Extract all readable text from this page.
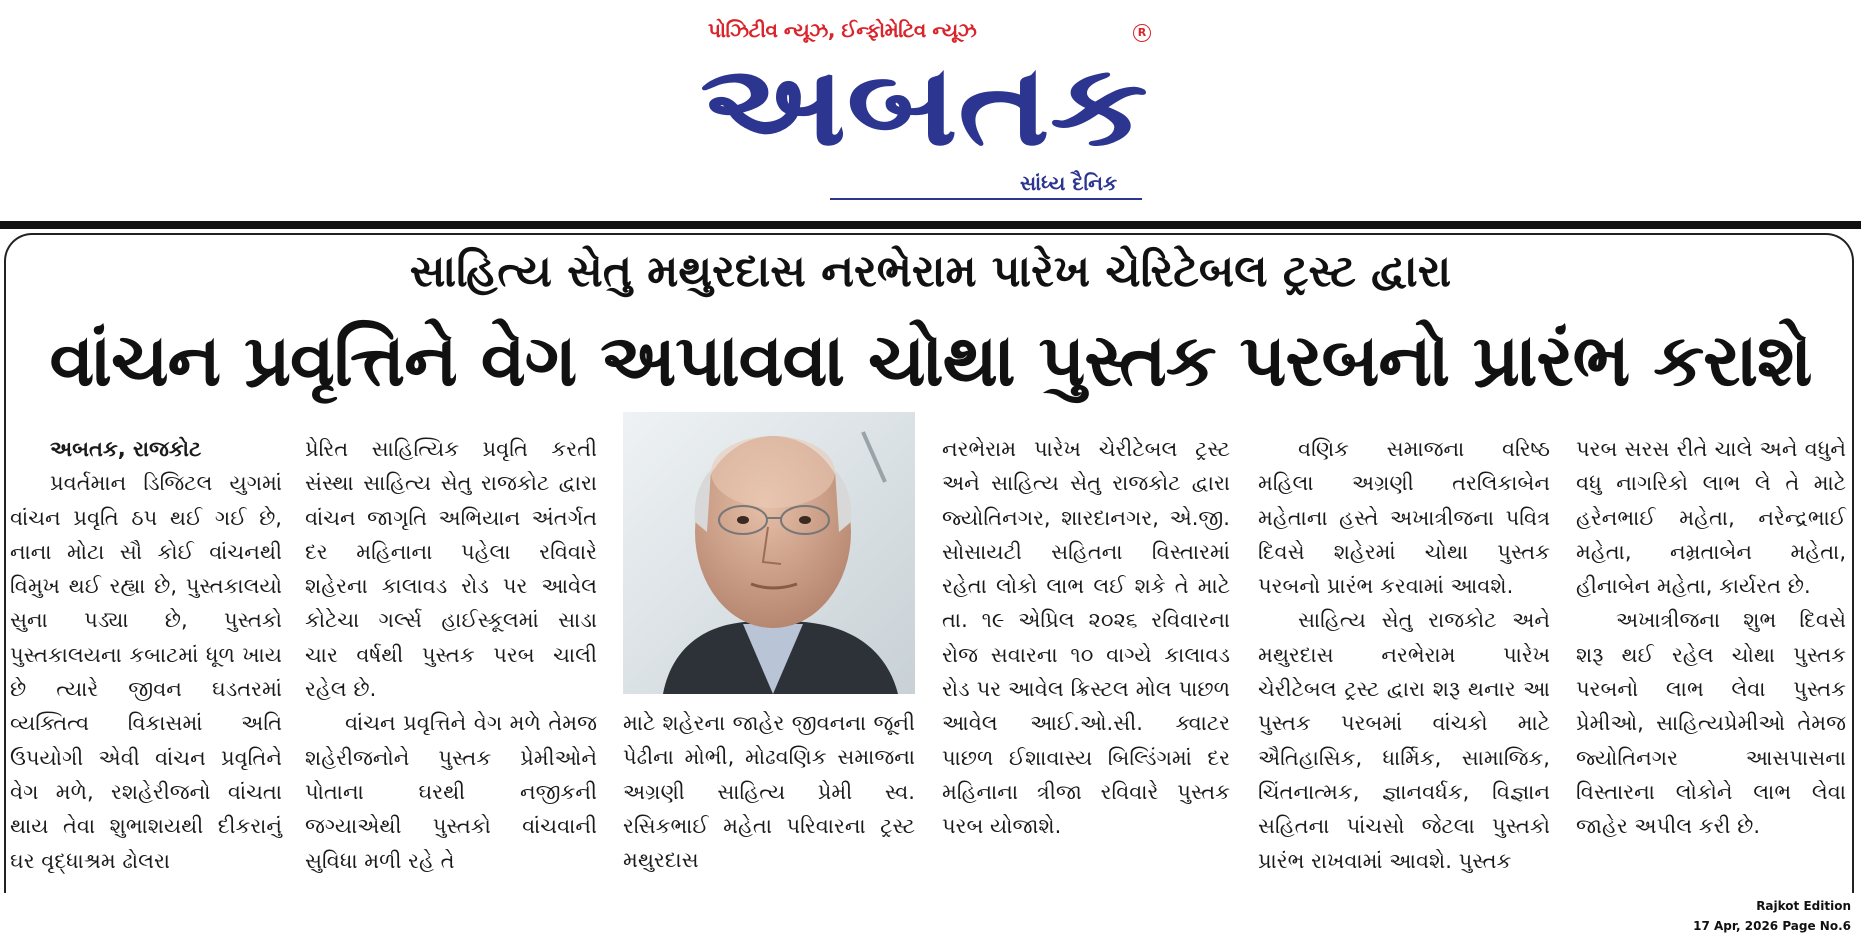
પોઝિટીવ ન્યૂઝ, ઈન્ફોમેટિવ ન્યૂઝ	R
અબતક
સાંધ્ય દૈનિક
સાહિત્ય સેતુ મથુરદાસ નરભેરામ પારેખ ચેરિટેબલ ટ્રસ્ટ દ્વારા
વાંચન પ્રવૃત્તિને વેગ અપાવવા ચોથા પુસ્તક પરબનો પ્રારંભ કરાશે
અબતક, રાજકોટ

પ્રવર્તમાન ડિજિટલ યુગમાં વાંચન પ્રવૃતિ ઠપ થઈ ગઈ છે, નાના મોટા સૌ કોઈ વાંચનથી વિમુખ થઈ રહ્યા છે, પુસ્તકાલયો સુના પડ્યા છે, પુસ્તકો પુસ્તકાલયના કબાટમાં ધૂળ ખાય છે ત્યારે જીવન ઘડતરમાં વ્યક્તિત્વ વિકાસમાં અતિ ઉપયોગી એવી વાંચન પ્રવૃતિને વેગ મળે, રશહેરીજનો વાંચતા થાય તેવા શુભાશયથી દીકરાનું ઘર વૃદ્ધાશ્રમ ઢોલરા

પ્રેરિત સાહિત્યિક પ્રવૃતિ કરતી સંસ્થા સાહિત્ય સેતુ રાજકોટ દ્વારા વાંચન જાગૃતિ અભિયાન અંતર્ગત દર મહિનાના પહેલા રવિવારે શહેરના કાલાવડ રોડ પર આવેલ કોટેચા ગર્લ્સ હાઈસ્કૂલમાં સાડા ચાર વર્ષથી પુસ્તક પરબ ચાલી રહેલ છે.

વાંચન પ્રવૃત્તિને વેગ મળે તેમજ શહેરીજનોને પુસ્તક પ્રેમીઓને પોતાના ઘરથી નજીકની જગ્યાએથી પુસ્તકો વાંચવાની સુવિધા મળી રહે તે

માટે શહેરના જાહેર જીવનના જૂની પેઢીના મોભી, મોઢવણિક સમાજના અગ્રણી સાહિત્ય પ્રેમી સ્વ. રસિકભાઈ મહેતા પરિવારના ટ્રસ્ટ મથુરદાસ

નરભેરામ પારેખ ચેરીટેબલ ટ્રસ્ટ અને સાહિત્ય સેતુ રાજકોટ દ્વારા જ્યોતિનગર, શારદાનગર, એ.જી. સોસાયટી સહિતના વિસ્તારમાં રહેતા લોકો લાભ લઈ શકે તે માટે તા. ૧૯ એપ્રિલ ૨૦૨૬ રવિવારના રોજ સવારના ૧૦ વાગ્યે કાલાવડ રોડ પર આવેલ ક્રિસ્ટલ મોલ પાછળ આવેલ આઈ.ઓ.સી. ક્વાટર પાછળ ઈશાવાસ્ય બિલ્ડિંગમાં દર મહિનાના ત્રીજા રવિવારે પુસ્તક પરબ યોજાશે.

વણિક સમાજના વરિષ્ઠ મહિલા અગ્રણી તરલિકાબેન મહેતાના હસ્તે અખાત્રીજના પવિત્ર દિવસે શહેરમાં ચોથા પુસ્તક પરબનો પ્રારંભ કરવામાં આવશે.

સાહિત્ય સેતુ રાજકોટ અને મથુરદાસ નરભેરામ પારેખ ચેરીટેબલ ટ્રસ્ટ દ્વારા શરૂ થનાર આ પુસ્તક પરબમાં વાંચકો માટે ઐતિહાસિક, ધાર્મિક, સામાજિક, ચિંતનાત્મક, જ્ઞાનવર્ધક, વિજ્ઞાન સહિતના પાંચસો જેટલા પુસ્તકો પ્રારંભ રાખવામાં આવશે. પુસ્તક

પરબ સરસ રીતે ચાલે અને વધુને વધુ નાગરિકો લાભ લે તે માટે હરેનભાઈ મહેતા, નરેન્દ્રભાઈ મહેતા, નમ્રતાબેન મહેતા, હીનાબેન મહેતા, કાર્યરત છે.

અખાત્રીજના શુભ દિવસે શરૂ થઈ રહેલ ચોથા પુસ્તક પરબનો લાભ લેવા પુસ્તક પ્રેમીઓ, સાહિત્યપ્રેમીઓ તેમજ જ્યોતિનગર આસપાસના વિસ્તારના લોકોને લાભ લેવા જાહેર અપીલ કરી છે.

Rajkot Edition
17 Apr, 2026 Page No.6
